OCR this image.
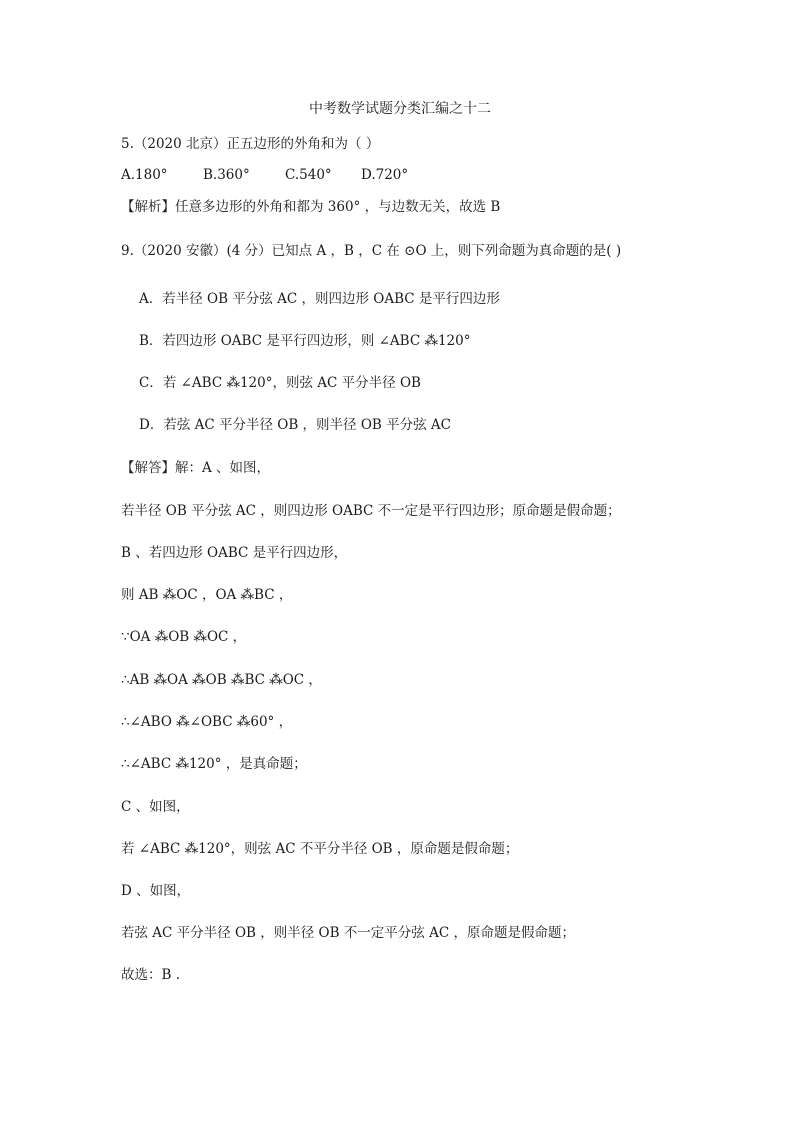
中考数学试题分类汇编之十二
5.（2020 北京）正五边形的外角和为（ ）
A.180°	B.360°	C.540° D.720°
【解析】任意多边形的外角和都为 360° ，与边数无关，故选 B
9.（2020 安徽）(4 分）已知点 A ，B ，C 在 ⊙O 上，则下列命题为真命题的是( )
A．若半径 OB 平分弦 AC ，则四边形 OABC 是平行四边形
B．若四边形 OABC 是平行四边形，则 ∠ABC ⁂120°
C．若 ∠ABC ⁂120°，则弦 AC 平分半径 OB
D．若弦 AC 平分半径 OB ，则半径 OB 平分弦 AC
【解答】解：A 、如图，
若半径 OB 平分弦 AC ，则四边形 OABC 不一定是平行四边形；原命题是假命题；
B 、若四边形 OABC 是平行四边形，
则 AB ⁂OC ，OA ⁂BC ，
∵OA ⁂OB ⁂OC ，
∴AB ⁂OA ⁂OB ⁂BC ⁂OC ，
∴∠ABO ⁂∠OBC ⁂60° ，
∴∠ABC ⁂120° ，是真命题；
C 、如图，
若 ∠ABC ⁂120°，则弦 AC 不平分半径 OB ，原命题是假命题；
D 、如图，
若弦 AC 平分半径 OB ，则半径 OB 不一定平分弦 AC ，原命题是假命题；
故选：B .
